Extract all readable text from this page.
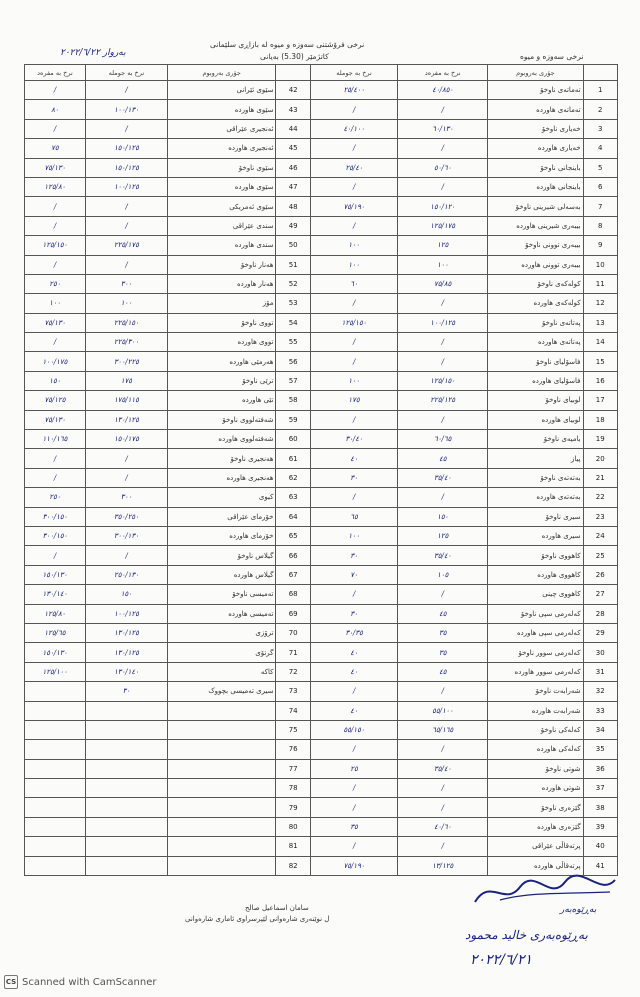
نرخی فرۆشتنی سەوزە و میوە لە بازاڕی سلێمانی
بەروار ٢٠٢٢/٦/٢٢	کاتژمێر (5.30) بەیانی	نرخی سەوزە و میوە
نرخ بە مفرەد	نرخ بە جوملە	جۆری بەروبوم		نرخ بە جوملە	نرخ بە مفرەد	جۆری بەروبوم	
/	/	سێوی ئێرانی	42	٢٥/٤٠٠	٤٠/٨٥٠	تەماتەی ناوخۆ	1
٨٠	١٠٠/١٣٠	سێوی هاوردە	43	/	/	تەماتەی هاوردە	2
/	/	ئەنجیری عێراقی	44	٤٠/١٠٠	٦٠/١٣٠	خەیاری ناوخۆ	3
٧٥	١٥٠/١٢٥	ئەنجیری هاوردە	45	/	/	خەیاری هاوردە	4
٧٥/١٣٠	١٥٠/١٢٥	سێوی ناوخۆ	46	٢٥/٤٠	٥٠/٦٠	باینجانی ناوخۆ	5
١٢٥/٨٠	١٠٠/١٢٥	سێوی هاوردە	47	/	/	باینجانی هاوردە	6
/	/	سێوی ئەمریکی	48	٧٥/١٩٠	١٥٠/١٢٠	بەسەلی شیرینی ناوخۆ	7
/	/	سندی عێراقی	49	/	١٢٥/١٧٥	بیبەری شیرینی هاوردە	8
١٢٥/١٥٠	٢٢٥/١٧٥	سندی هاوردە	50	١٠٠	١٢٥	بیبەری توونی ناوخۆ	9
/	/	هەنار ناوخۆ	51	١٠٠	١٠٠	بیبەری توونی هاوردە	10
٢٥٠	٣٠٠	هەنار هاوردە	52	٦٠	٧٥/٨٥	کولەکەی ناوخۆ	11
١٠٠	١٠٠	مۆز	53	/	/	کولەکەی هاوردە	12
٧٥/١٣٠	٢٢٥/١٥٠	تووی ناوخۆ	54	١٢٥/١٥٠	١٠٠/١٢٥	پەتاتەی ناوخۆ	13
/	٢٢٥/٣٠٠	تووی هاوردە	55	/	/	پەتاتەی هاوردە	14
١٠٠/١٧٥	٣٠٠/٢٢٥	هەرمێی هاوردە	56	/	/	فاسۆلیای ناوخۆ	15
١٥٠	١٧٥	ترێی ناوخۆ	57	١٠٠	١٢٥/١٥٠	فاسۆلیای هاوردە	16
٧٥/١٢٥	١٧٥/١١٥	تێی هاوردە	58	١٧٥	٢٢٥/١٢٥	لوبیای ناوخۆ	17
٧٥/١٣٠	١٣٠/١٢٥	شەفتەلووی ناوخۆ	59	/	/	لوبیای هاوردە	18
١١٠/١٦٥	١٥٠/١٧٥	شەفتەلووی هاوردە	60	٣٠/٤٠	٦٠/٦٥	بامیەی ناوخۆ	19
/	/	هەنجیری ناوخۆ	61	٤٠	٤٥	پیاز	20
/	/	هەنجیری هاوردە	62	٣٠	٣٥/٤٠	بەتەتەی ناوخۆ	21
٢٥٠	٣٠٠	کیوی	63	/	/	بەتەتەی هاوردە	22
٣٠٠/١٥٠	٣٥٠/٢٥٠	خۆرمای عێراقی	64	٦٥	١٥٠	سیری ناوخۆ	23
٣٠٠/١٥٠	٣٠٠/١٣٠	خۆرمای هاوردە	65	١٠٠	١٢٥	سیری هاوردە	24
/	/	گیلاس ناوخۆ	66	٣٠	٣٥/٤٠	کاهووی ناوخۆ	25
١٥٠/١٣٠	٢٥٠/١٣٠	گیلاس هاوردە	67	٧٠	١٠٥	کاهووی هاوردە	26
١٣٠/١٤٠	١٥٠	تەمیسی ناوخۆ	68	/	/	کاهووی چینی	27
١٢٥/٨٠	١٠٠/١٢٥	تەمیسی هاوردە	69	٣٠	٤٥	کەلەرمی سپی ناوخۆ	28
١٢٥/٦٥	١٣٠/١٢٥	ترۆزی	70	٣٠/٣٥	٣٥	کەلەرمی سپی هاوردە	29
١٥٠/١٣٠	١٣٠/١٢٥	گرتۆی	71	٤٠	٣٥	کەلەرمی سوور ناوخۆ	30
١٢٥/١٠٠	١٣٠/١٤٠	کاکە	72	٤٠	٤٥	کەلەرمی سوور هاوردە	31
	٣٠	سیری تەمیسی بچووک	73	/	/	شەرابەت ناوخۆ	32
			74	٤٠	٥٥/١٠٠	شەرابەت هاوردە	33
			75	٥٥/١٥٠	٦٥/١٦٥	کەلەکی ناوخۆ	34
			76	/	/	کەلەکی هاوردە	35
			77	٢٥	٣٥/٤٠	شوتی ناوخۆ	36
			78	/	/	شوتی هاوردە	37
			79	/	/	گێزەری ناوخۆ	38
			80	٣٥	٤٠/٦٠	گێزەری هاوردە	39
			81	/	/	پرتەقاڵی عێراقی	40
			82	٧٥/١٩٠	١٣/١٢٥	پرتەقاڵی هاوردە	41
سامان اسماعیل صالح
ل نوێنەری شارەوانی لێپرسراوی ئاماری شارەوانی
بەڕێوەبەر
بەڕێوەبەری خالید محمود
٢٠٢٢/٦/٢١
CS Scanned with CamScanner
